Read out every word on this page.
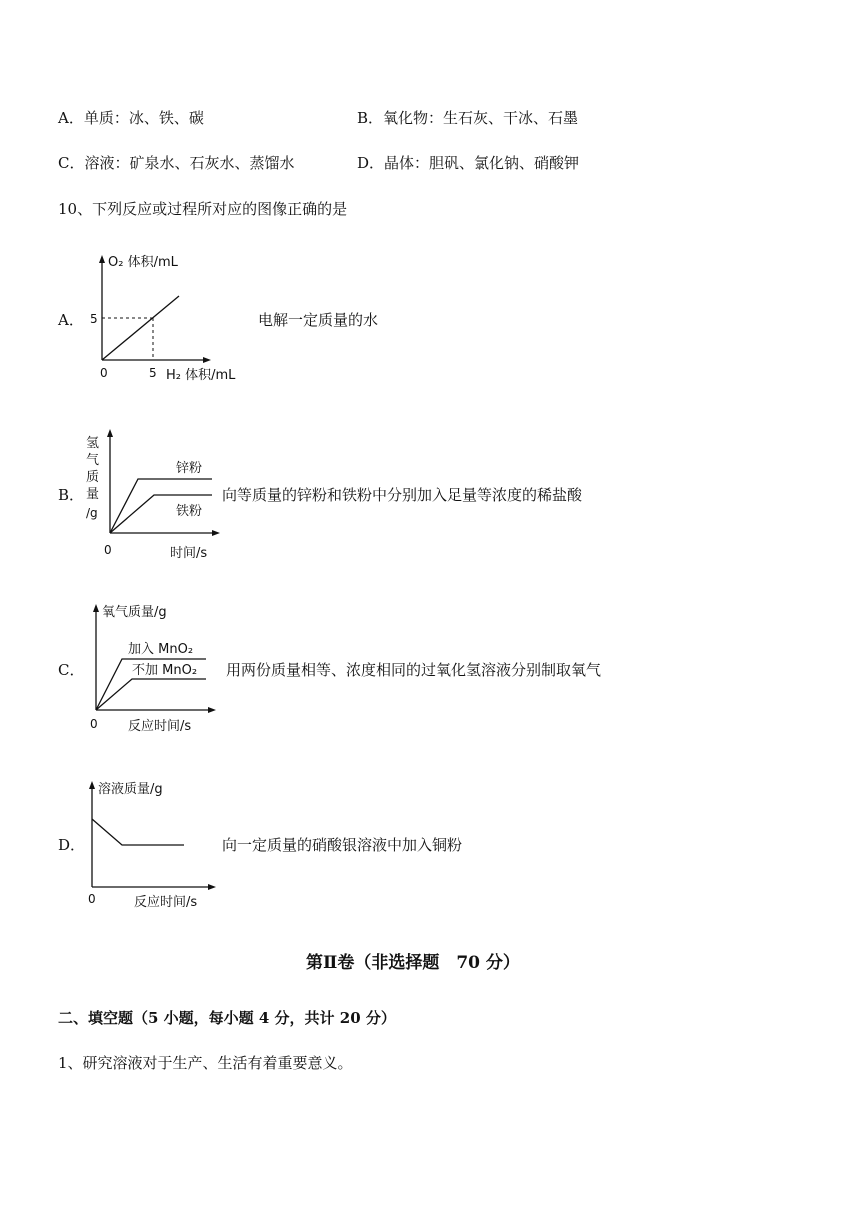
A．单质：冰、铁、碳	B．氧化物：生石灰、干冰、石墨
C．溶液：矿泉水、石灰水、蒸馏水	D．晶体：胆矾、氯化钠、硝酸钾
10、下列反应或过程所对应的图像正确的是
A．
O₂ 体积/mL
5
0	5 H₂ 体积/mL
电解一定质量的水
B．
氢
气
质
量
/g
锌粉
铁粉
0	时间/s
向等质量的锌粉和铁粉中分别加入足量等浓度的稀盐酸
C．
氧气质量/g
加入 MnO₂
不加 MnO₂
0 反应时间/s
用两份质量相等、浓度相同的过氧化氢溶液分别制取氧气
D．
溶液质量/g
0	反应时间/s
向一定质量的硝酸银溶液中加入铜粉
第Ⅱ卷（非选择题　70 分）
二、填空题（5 小题，每小题 4 分，共计 20 分）
1、研究溶液对于生产、生活有着重要意义。
